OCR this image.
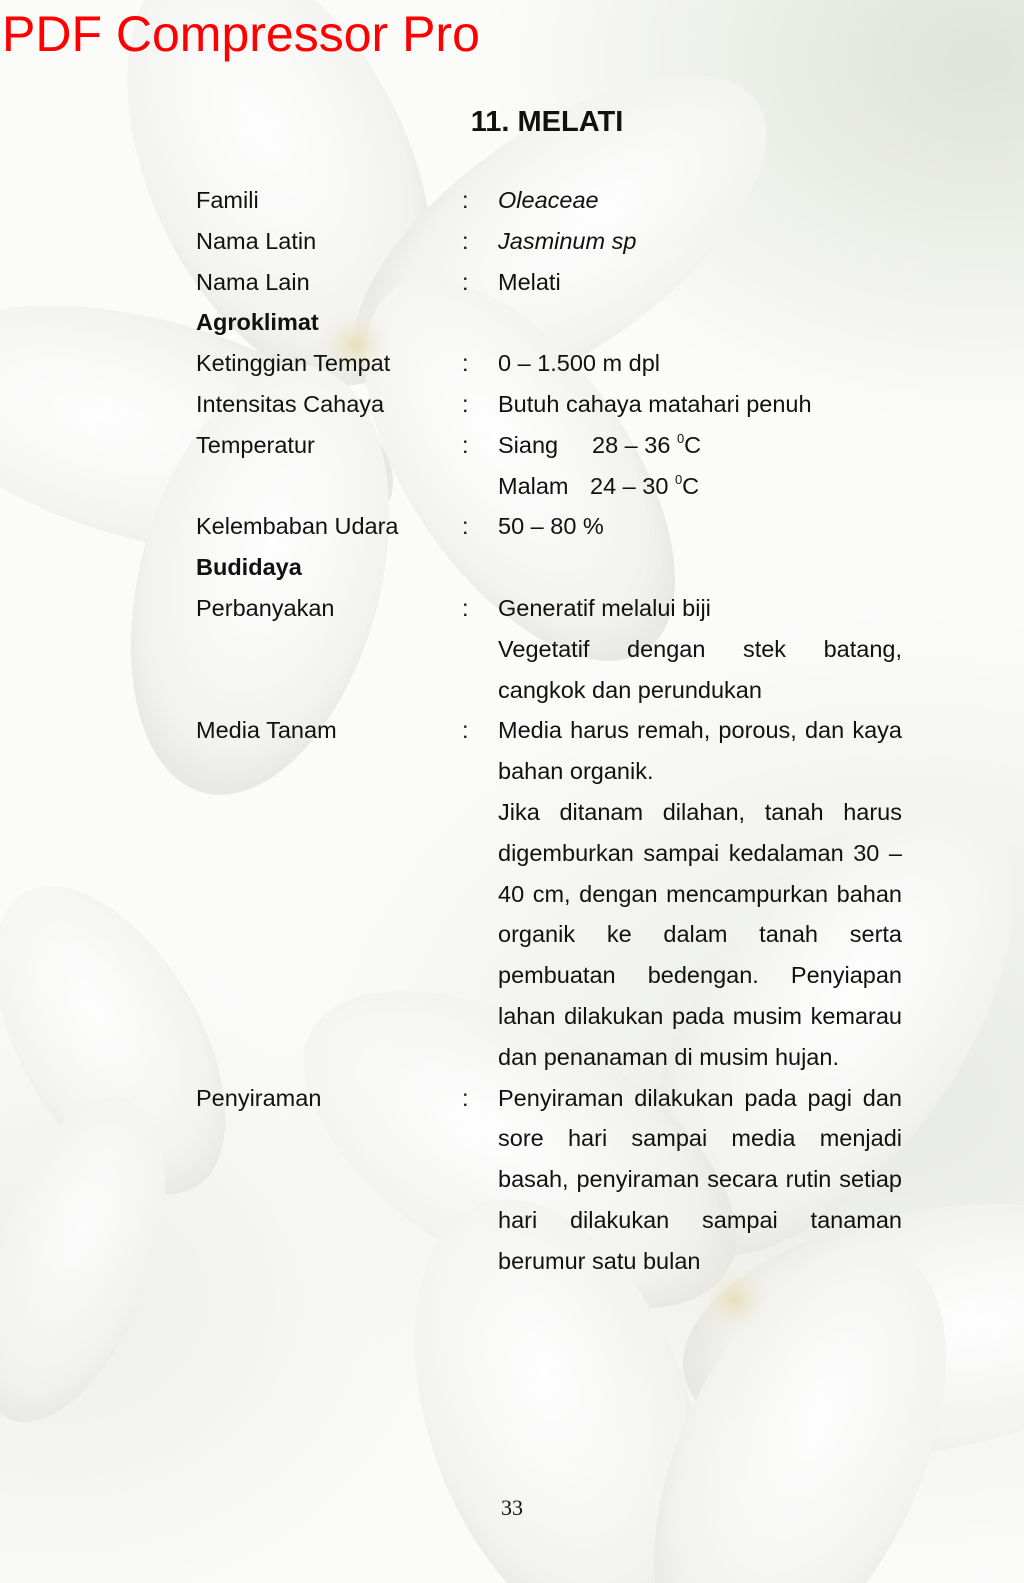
PDF Compressor Pro
11. MELATI
Famili	:	Oleaceae
Nama Latin	:	Jasminum sp
Nama Lain	:	Melati
Agroklimat
Ketinggian Tempat	:	0 – 1.500 m dpl
Intensitas Cahaya	:	Butuh cahaya matahari penuh
Temperatur	:	Siang 28 – 36 $^0$C
Malam 24 – 30 $^0$C
Kelembaban Udara	:	50 – 80 %
Budidaya
Perbanyakan	:	Generatif melalui biji
Vegetatif dengan stek batang, cangkok dan perundukan
Media Tanam	:	Media harus remah, porous, dan kaya bahan organik.
Jika ditanam dilahan, tanah harus digemburkan sampai kedalaman 30 – 40 cm, dengan mencampurkan bahan organik ke dalam tanah serta pembuatan bedengan. Penyiapan lahan dilakukan pada musim kemarau dan penanaman di musim hujan.
Penyiraman	:	Penyiraman dilakukan pada pagi dan sore hari sampai media menjadi basah, penyiraman secara rutin setiap hari dilakukan sampai tanaman berumur satu bulan
33
